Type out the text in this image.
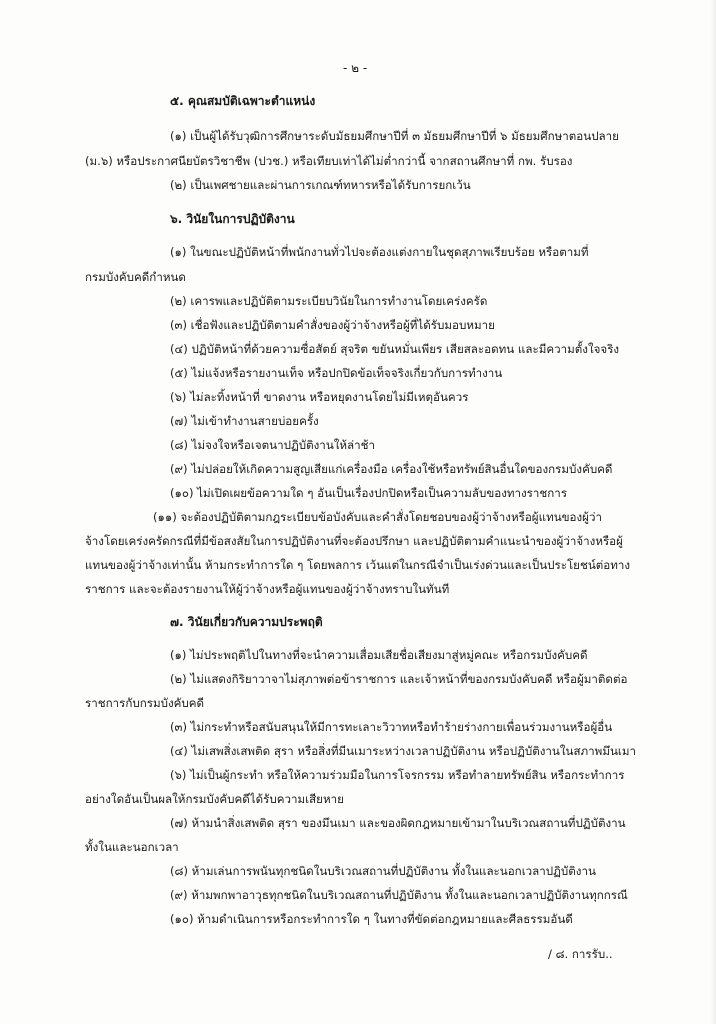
- ๒ -
๕. คุณสมบัติเฉพาะตำแหน่ง
(๑) เป็นผู้ได้รับวุฒิการศึกษาระดับมัธยมศึกษาปีที่ ๓ มัธยมศึกษาปีที่ ๖ มัธยมศึกษาตอนปลาย
(ม.๖) หรือประกาศนียบัตรวิชาชีพ (ปวช.) หรือเทียบเท่าได้ไม่ต่ำกว่านี้ จากสถานศึกษาที่ กพ. รับรอง
(๒) เป็นเพศชายและผ่านการเกณฑ์ทหารหรือได้รับการยกเว้น
๖. วินัยในการปฏิบัติงาน
(๑) ในขณะปฏิบัติหน้าที่พนักงานทั่วไปจะต้องแต่งกายในชุดสุภาพเรียบร้อย หรือตามที่
กรมบังคับคดีกำหนด
(๒) เคารพและปฏิบัติตามระเบียบวินัยในการทำงานโดยเคร่งครัด
(๓) เชื่อฟังและปฏิบัติตามคำสั่งของผู้ว่าจ้างหรือผู้ที่ได้รับมอบหมาย
(๔) ปฏิบัติหน้าที่ด้วยความซื่อสัตย์ สุจริต ขยันหมั่นเพียร เสียสละอดทน และมีความตั้งใจจริง
(๕) ไม่แจ้งหรือรายงานเท็จ หรือปกปิดข้อเท็จจริงเกี่ยวกับการทำงาน
(๖) ไม่ละทิ้งหน้าที่ ขาดงาน หรือหยุดงานโดยไม่มีเหตุอันควร
(๗) ไม่เข้าทำงานสายบ่อยครั้ง
(๘) ไม่จงใจหรือเจตนาปฏิบัติงานให้ล่าช้า
(๙) ไม่ปล่อยให้เกิดความสูญเสียแก่เครื่องมือ เครื่องใช้หรือทรัพย์สินอื่นใดของกรมบังคับคดี
(๑๐) ไม่เปิดเผยข้อความใด ๆ อันเป็นเรื่องปกปิดหรือเป็นความลับของทางราชการ
(๑๑) จะต้องปฏิบัติตามกฎระเบียบข้อบังคับและคำสั่งโดยชอบของผู้ว่าจ้างหรือผู้แทนของผู้ว่า
จ้างโดยเคร่งครัดกรณีที่มีข้อสงสัยในการปฏิบัติงานที่จะต้องปรึกษา และปฏิบัติตามคำแนะนำของผู้ว่าจ้างหรือผู้
แทนของผู้ว่าจ้างเท่านั้น ห้ามกระทำการใด ๆ โดยพลการ เว้นแต่ในกรณีจำเป็นเร่งด่วนและเป็นประโยชน์ต่อทาง
ราชการ และจะต้องรายงานให้ผู้ว่าจ้างหรือผู้แทนของผู้ว่าจ้างทราบในทันที
๗. วินัยเกี่ยวกับความประพฤติ
(๑) ไม่ประพฤติไปในทางที่จะนำความเสื่อมเสียชื่อเสียงมาสู่หมู่คณะ หรือกรมบังคับคดี
(๒) ไม่แสดงกิริยาวาจาไม่สุภาพต่อข้าราชการ และเจ้าหน้าที่ของกรมบังคับคดี หรือผู้มาติดต่อ
ราชการกับกรมบังคับคดี
(๓) ไม่กระทำหรือสนับสนุนให้มีการทะเลาะวิวาทหรือทำร้ายร่างกายเพื่อนร่วมงานหรือผู้อื่น
(๔) ไม่เสพสิ่งเสพติด สุรา หรือสิ่งที่มีนเมาระหว่างเวลาปฏิบัติงาน หรือปฏิบัติงานในสภาพมึนเมา
(๖) ไม่เป็นผู้กระทำ หรือให้ความร่วมมือในการโจรกรรม หรือทำลายทรัพย์สิน หรือกระทำการ
อย่างใดอันเป็นผลให้กรมบังคับคดีได้รับความเสียหาย
(๗) ห้ามนำสิ่งเสพติด สุรา ของมึนเมา และของผิดกฎหมายเข้ามาในบริเวณสถานที่ปฏิบัติงาน
ทั้งในและนอกเวลา
(๘) ห้ามเล่นการพนันทุกชนิดในบริเวณสถานที่ปฏิบัติงาน ทั้งในและนอกเวลาปฏิบัติงาน
(๙) ห้ามพกพาอาวุธทุกชนิดในบริเวณสถานที่ปฏิบัติงาน ทั้งในและนอกเวลาปฏิบัติงานทุกกรณี
(๑๐) ห้ามดำเนินการหรือกระทำการใด ๆ ในทางที่ขัดต่อกฎหมายและศีลธรรมอันดี
/ ๘. การรับ..
